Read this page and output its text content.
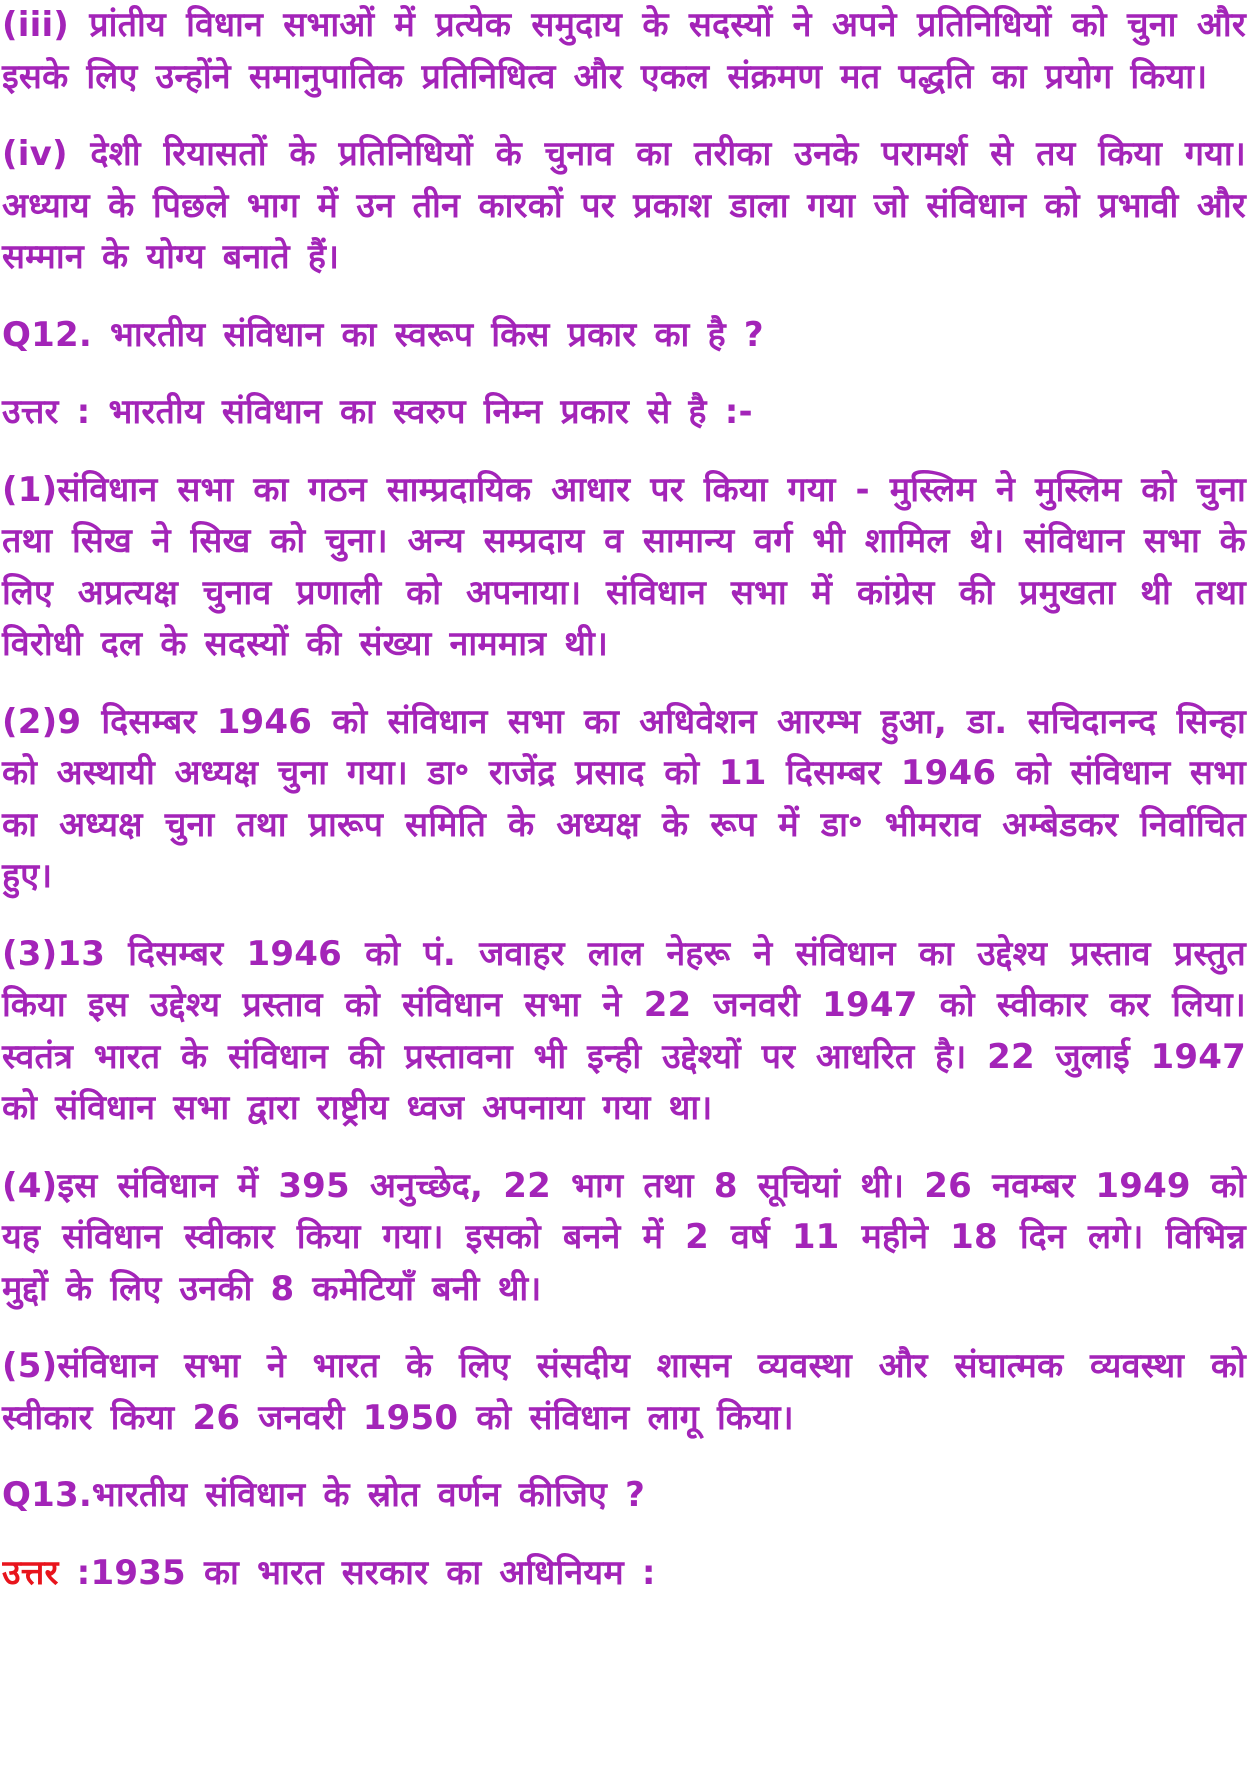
(iii) प्रांतीय विधान सभाओं में प्रत्येक समुदाय के सदस्यों ने अपने प्रतिनिधियों को चुना और इसके लिए उन्होंने समानुपातिक प्रतिनिधित्व और एकल संक्रमण मत पद्धति का प्रयोग किया।

(iv) देशी रियासतों के प्रतिनिधियों के चुनाव का तरीका उनके परामर्श से तय किया गया।अध्याय के पिछले भाग में उन तीन कारकों पर प्रकाश डाला गया जो संविधान को प्रभावी और सम्मान के योग्य बनाते हैं।

Q12. भारतीय संविधान का स्वरूप किस प्रकार का है ?

उत्तर : भारतीय संविधान का स्वरुप निम्न प्रकार से है :-

(1)संविधान सभा का गठन साम्प्रदायिक आधार पर किया गया - मुस्लिम ने मुस्लिम को चुना तथा सिख ने सिख को चुना। अन्य सम्प्रदाय व सामान्य वर्ग भी शामिल थे। संविधान सभा के लिए अप्रत्यक्ष चुनाव प्रणाली को अपनाया। संविधान सभा में कांग्रेस की प्रमुखता थी तथा विरोधी दल के सदस्यों की संख्या नाममात्र थी।

(2)9 दिसम्बर 1946 को संविधान सभा का अधिवेशन आरम्भ हुआ, डा. सचिदानन्द सिन्हा को अस्थायी अध्यक्ष चुना गया। डा॰ राजेंद्र प्रसाद को 11 दिसम्बर 1946 को संविधान सभा का अध्यक्ष चुना तथा प्रारूप समिति के अध्यक्ष के रूप में डा॰ भीमराव अम्बेडकर निर्वाचित हुए।

(3)13 दिसम्बर 1946 को पं. जवाहर लाल नेहरू ने संविधान का उद्देश्य प्रस्ताव प्रस्तुत किया इस उद्देश्य प्रस्ताव को संविधान सभा ने 22 जनवरी 1947 को स्वीकार कर लिया। स्वतंत्र भारत के संविधान की प्रस्तावना भी इन्ही उद्देश्यों पर आधरित है। 22 जुलाई 1947 को संविधान सभा द्वारा राष्ट्रीय ध्वज अपनाया गया था।

(4)इस संविधान में 395 अनुच्छेद, 22 भाग तथा 8 सूचियां थी। 26 नवम्बर 1949 को यह संविधान स्वीकार किया गया। इसको बनने में 2 वर्ष 11 महीने 18 दिन लगे। विभिन्न मुद्दों के लिए उनकी 8 कमेटियाँ बनी थी।

(5)संविधान सभा ने भारत के लिए संसदीय शासन व्यवस्था और संघात्मक व्यवस्था को स्वीकार किया 26 जनवरी 1950 को संविधान लागू किया।

Q13.भारतीय संविधान के स्रोत वर्णन कीजिए ?

उत्तर :1935 का भारत सरकार का अधिनियम :
